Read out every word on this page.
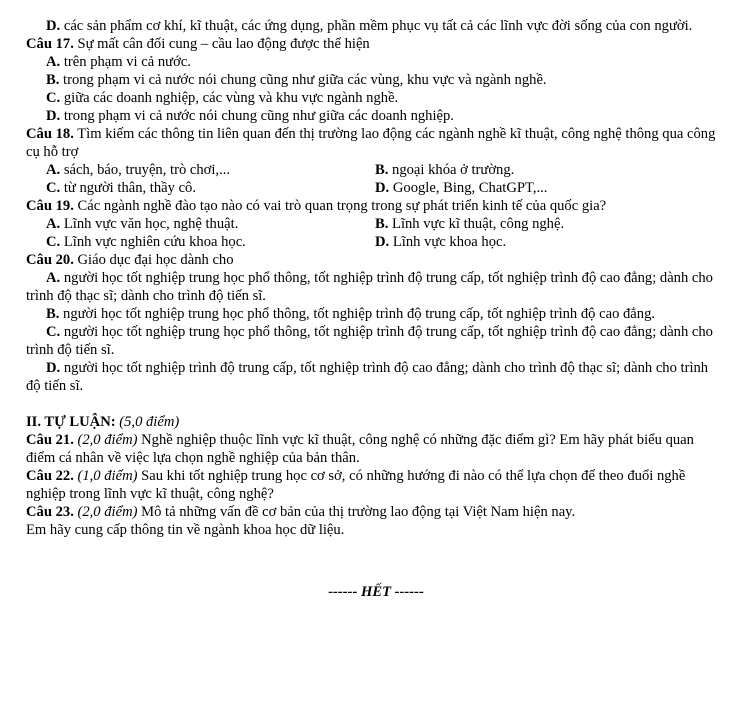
D. các sản phẩm cơ khí, kĩ thuật, các ứng dụng, phần mềm phục vụ tất cả các lĩnh vực đời sống của con người.

Câu 17. Sự mất cân đối cung – cầu lao động được thể hiện

A. trên phạm vi cả nước.

B. trong phạm vi cả nước nói chung cũng như giữa các vùng, khu vực và ngành nghề.

C. giữa các doanh nghiệp, các vùng và khu vực ngành nghề.

D. trong phạm vi cả nước nói chung cũng như giữa các doanh nghiệp.

Câu 18. Tìm kiếm các thông tin liên quan đến thị trường lao động các ngành nghề kĩ thuật, công nghệ thông qua công cụ hỗ trợ

A. sách, báo, truyện, trò chơi,...	B. ngoại khóa ở trường.

C. từ người thân, thầy cô.	D. Google, Bing, ChatGPT,...

Câu 19. Các ngành nghề đào tạo nào có vai trò quan trọng trong sự phát triển kinh tế của quốc gia?

A. Lĩnh vực văn học, nghệ thuật.	B. Lĩnh vực kĩ thuật, công nghệ.

C. Lĩnh vực nghiên cứu khoa học.	D. Lĩnh vực khoa học.

Câu 20. Giáo dục đại học dành cho

A. người học tốt nghiệp trung học phổ thông, tốt nghiệp trình độ trung cấp, tốt nghiệp trình độ cao đẳng; dành cho trình độ thạc sĩ; dành cho trình độ tiến sĩ.

B. người học tốt nghiệp trung học phổ thông, tốt nghiệp trình độ trung cấp, tốt nghiệp trình độ cao đẳng.

C. người học tốt nghiệp trung học phổ thông, tốt nghiệp trình độ trung cấp, tốt nghiệp trình độ cao đẳng; dành cho trình độ tiến sĩ.

D. người học tốt nghiệp trình độ trung cấp, tốt nghiệp trình độ cao đẳng; dành cho trình độ thạc sĩ; dành cho trình độ tiến sĩ.

II. TỰ LUẬN: (5,0 điểm)

Câu 21. (2,0 điểm) Nghề nghiệp thuộc lĩnh vực kĩ thuật, công nghệ có những đặc điểm gì? Em hãy phát biểu quan điểm cá nhân về việc lựa chọn nghề nghiệp của bản thân.

Câu 22. (1,0 điểm) Sau khi tốt nghiệp trung học cơ sở, có những hướng đi nào có thể lựa chọn để theo đuổi nghề nghiệp trong lĩnh vực kĩ thuật, công nghệ?

Câu 23. (2,0 điểm) Mô tả những vấn đề cơ bản của thị trường lao động tại Việt Nam hiện nay.

Em hãy cung cấp thông tin về ngành khoa học dữ liệu.

------ HẾT ------
